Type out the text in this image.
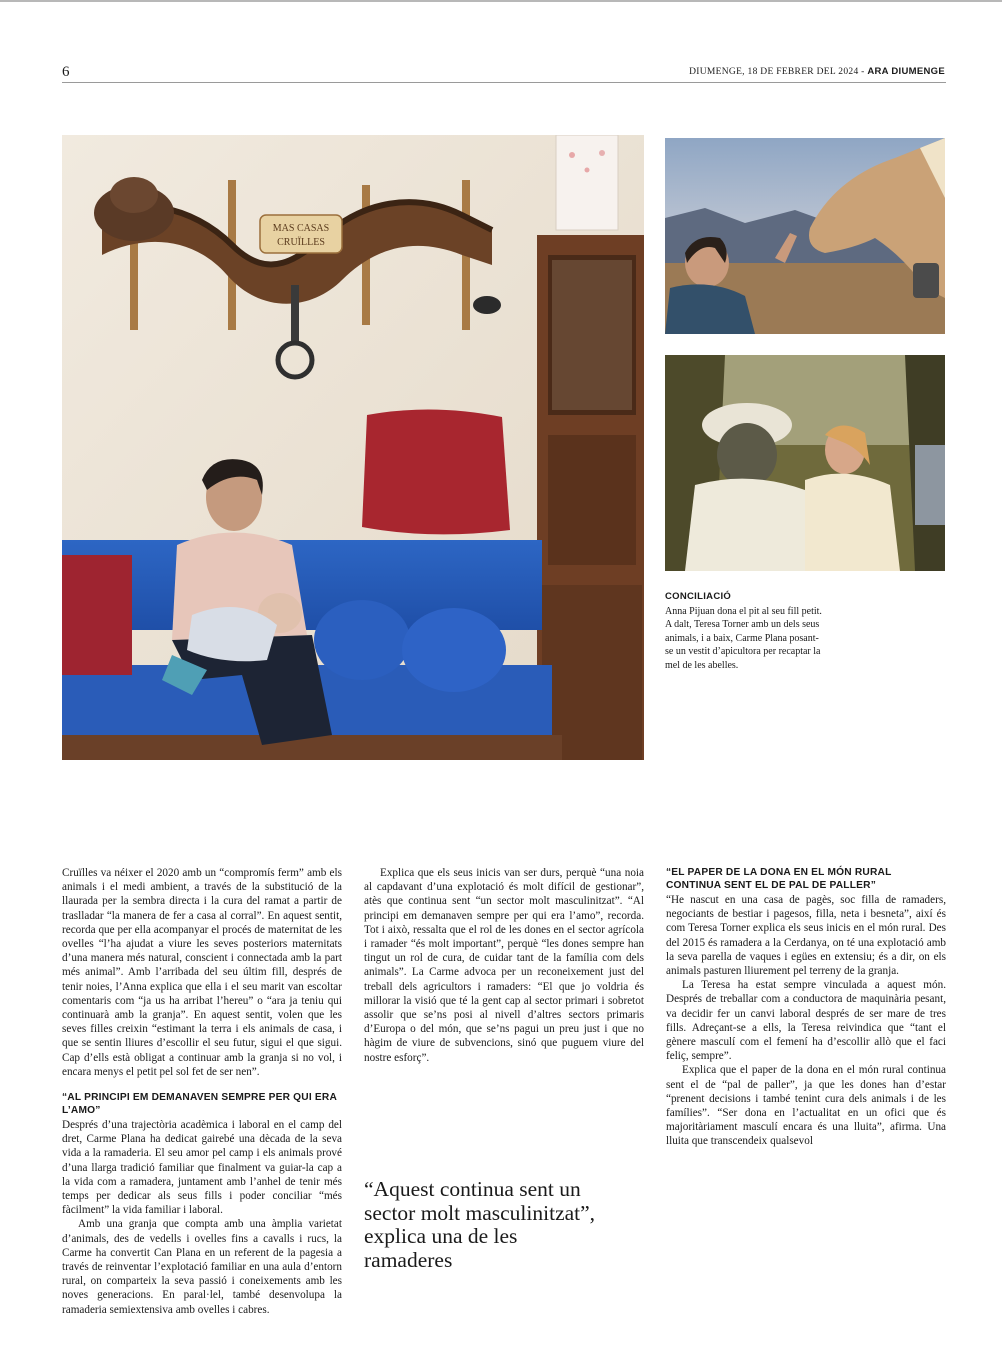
6	DIUMENGE, 18 DE FEBRER DEL 2024 - ARA DIUMENGE
MAS CASAS
CRUÏLLES
CONCILIACIÓ
Anna Pijuan dona el pit al seu fill petit. A dalt, Teresa Torner amb un dels seus animals, i a baix, Carme Plana posant-se un vestit d’apicultora per recaptar la mel de les abelles.

Cruïlles va néixer el 2020 amb un “compromís ferm” amb els animals i el medi ambient, a través de la substitució de la llaurada per la sembra directa i la cura del ramat a partir de traslladar “la manera de fer a casa al corral”. En aquest sentit, recorda que per ella acompanyar el procés de maternitat de les ovelles “l’ha ajudat a viure les seves posteriors maternitats d’una manera més natural, conscient i connectada amb la part més animal”. Amb l’arribada del seu últim fill, després de tenir noies, l’Anna explica que ella i el seu marit van escoltar comentaris com “ja us ha arribat l’hereu” o “ara ja teniu qui continuarà amb la granja”. En aquest sentit, volen que les seves filles creixin “estimant la terra i els animals de casa, i que se sentin lliures d’escollir el seu futur, sigui el que sigui. Cap d’ells està obligat a continuar amb la granja si no vol, i encara menys el petit pel sol fet de ser nen”.

“AL PRINCIPI EM DEMANAVEN SEMPRE PER QUI ERA L’AMO”

Després d’una trajectòria acadèmica i laboral en el camp del dret, Carme Plana ha dedicat gairebé una dècada de la seva vida a la ramaderia. El seu amor pel camp i els animals prové d’una llarga tradició familiar que finalment va guiar-la cap a la vida com a ramadera, juntament amb l’anhel de tenir més temps per dedicar als seus fills i poder conciliar “més fàcilment” la vida familiar i laboral.

Amb una granja que compta amb una àmplia varietat d’animals, des de vedells i ovelles fins a cavalls i rucs, la Carme ha convertit Can Plana en un referent de la pagesia a través de reinventar l’explotació familiar en una aula d’entorn rural, on comparteix la seva passió i coneixements amb les noves generacions. En paral·lel, també desenvolupa la ramaderia semiextensiva amb ovelles i cabres.

Explica que els seus inicis van ser durs, perquè “una noia al capdavant d’una explotació és molt difícil de gestionar”, atès que continua sent “un sector molt masculinitzat”. “Al principi em demanaven sempre per qui era l’amo”, recorda. Tot i això, ressalta que el rol de les dones en el sector agrícola i ramader “és molt important”, perquè “les dones sempre han tingut un rol de cura, de cuidar tant de la família com dels animals”. La Carme advoca per un reconeixement just del treball dels agricultors i ramaders: “El que jo voldria és millorar la visió que té la gent cap al sector primari i sobretot assolir que se’ns posi al nivell d’altres sectors primaris d’Europa o del món, que se’ns pagui un preu just i que no hàgim de viure de subvencions, sinó que puguem viure del nostre esforç”.

“Aquest continua sent un sector molt masculinitzat”, explica una de les ramaderes
“EL PAPER DE LA DONA EN EL MÓN RURAL CONTINUA SENT EL DE PAL DE PALLER”

“He nascut en una casa de pagès, soc filla de ramaders, negociants de bestiar i pagesos, filla, neta i besneta”, així és com Teresa Torner explica els seus inicis en el món rural. Des del 2015 és ramadera a la Cerdanya, on té una explotació amb la seva parella de vaques i egües en extensiu; és a dir, on els animals pasturen lliurement pel terreny de la granja.

La Teresa ha estat sempre vinculada a aquest món. Després de treballar com a conductora de maquinària pesant, va decidir fer un canvi laboral després de ser mare de tres fills. Adreçant-se a ells, la Teresa reivindica que “tant el gènere masculí com el femení ha d’escollir allò que el faci feliç, sempre”.

Explica que el paper de la dona en el món rural continua sent el de “pal de paller”, ja que les dones han d’estar “prenent decisions i també tenint cura dels animals i de les famílies”. “Ser dona en l’actualitat en un ofici que és majoritàriament masculí encara és una lluita”, afirma. Una lluita que transcendeix qualsevol
